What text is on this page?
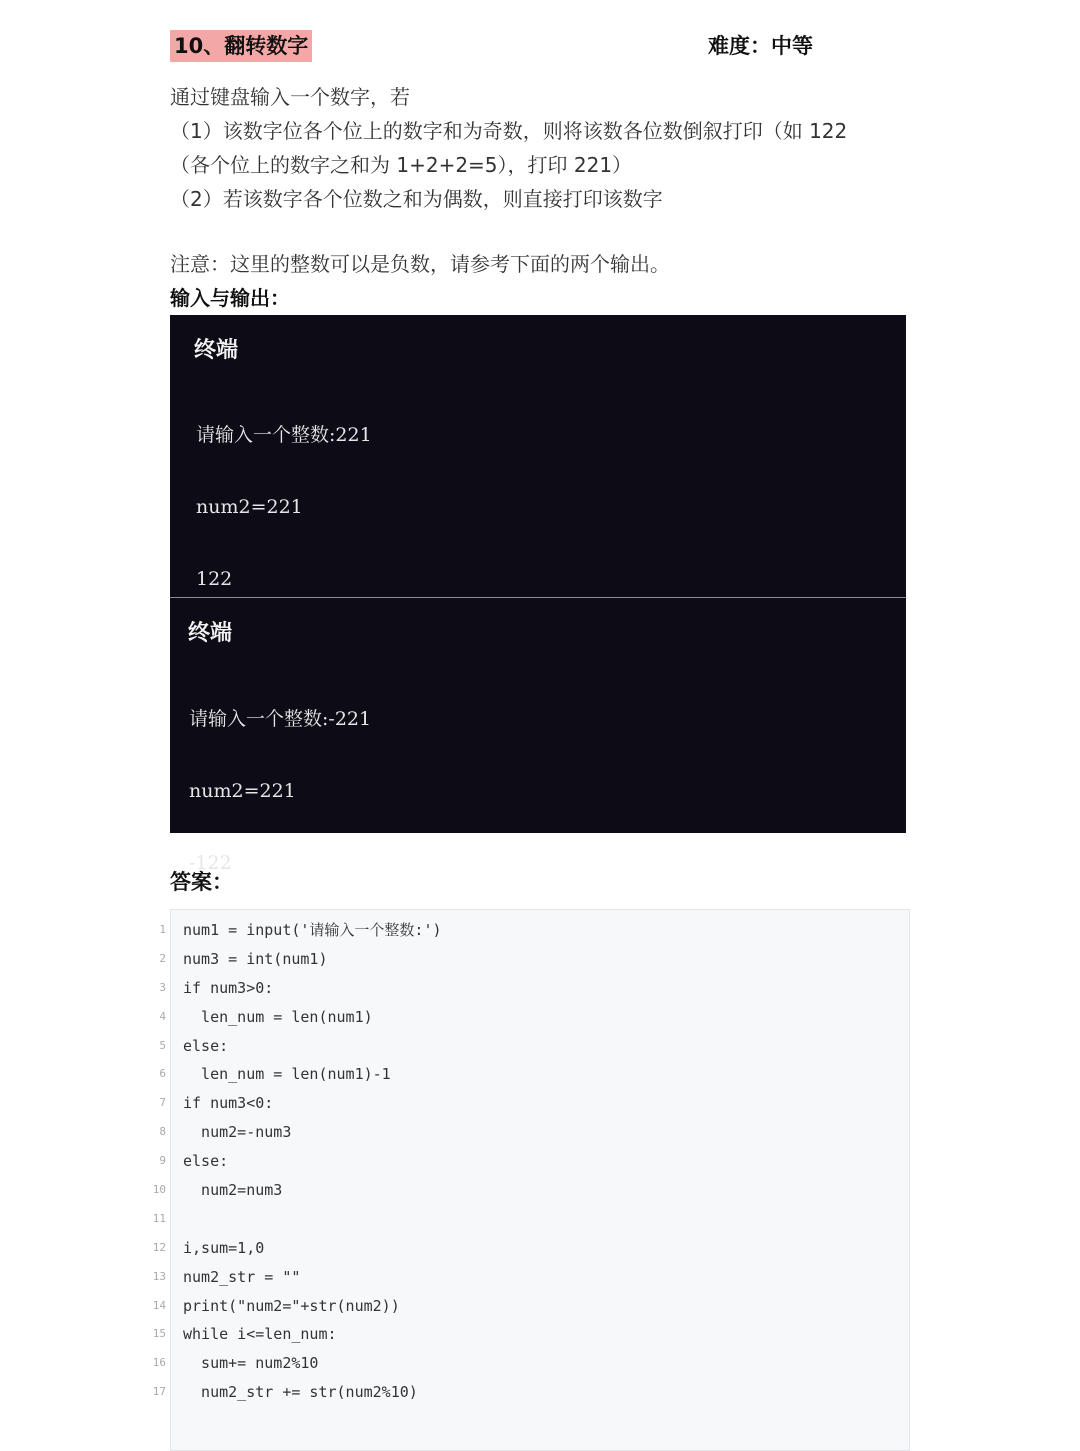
10、翻转数字	难度：中等

通过键盘输入一个数字，若

（1）该数字位各个位上的数字和为奇数，则将该数各位数倒叙打印（如 122

（各个位上的数字之和为 1+2+2=5），打印 221）

（2）若该数字各个位数之和为偶数，则直接打印该数字

注意：这里的整数可以是负数，请参考下面的两个输出。
输入与输出：
终端

请输入一个整数:221

num2=221

122

终端

请输入一个整数:-221

num2=221

-122

答案：
1 num1 = input('请输入一个整数:')
2 num3 = int(num1)
3 if num3>0:
4 len_num = len(num1)
5 else:
6 len_num = len(num1)-1
7 if num3<0:
8 num2=-num3
9 else:
10 num2=num3
11
12 i,sum=1,0
13 num2_str = ""
14 print("num2="+str(num2))
15 while i<=len_num:
16 sum+= num2%10
17 num2_str += str(num2%10)
